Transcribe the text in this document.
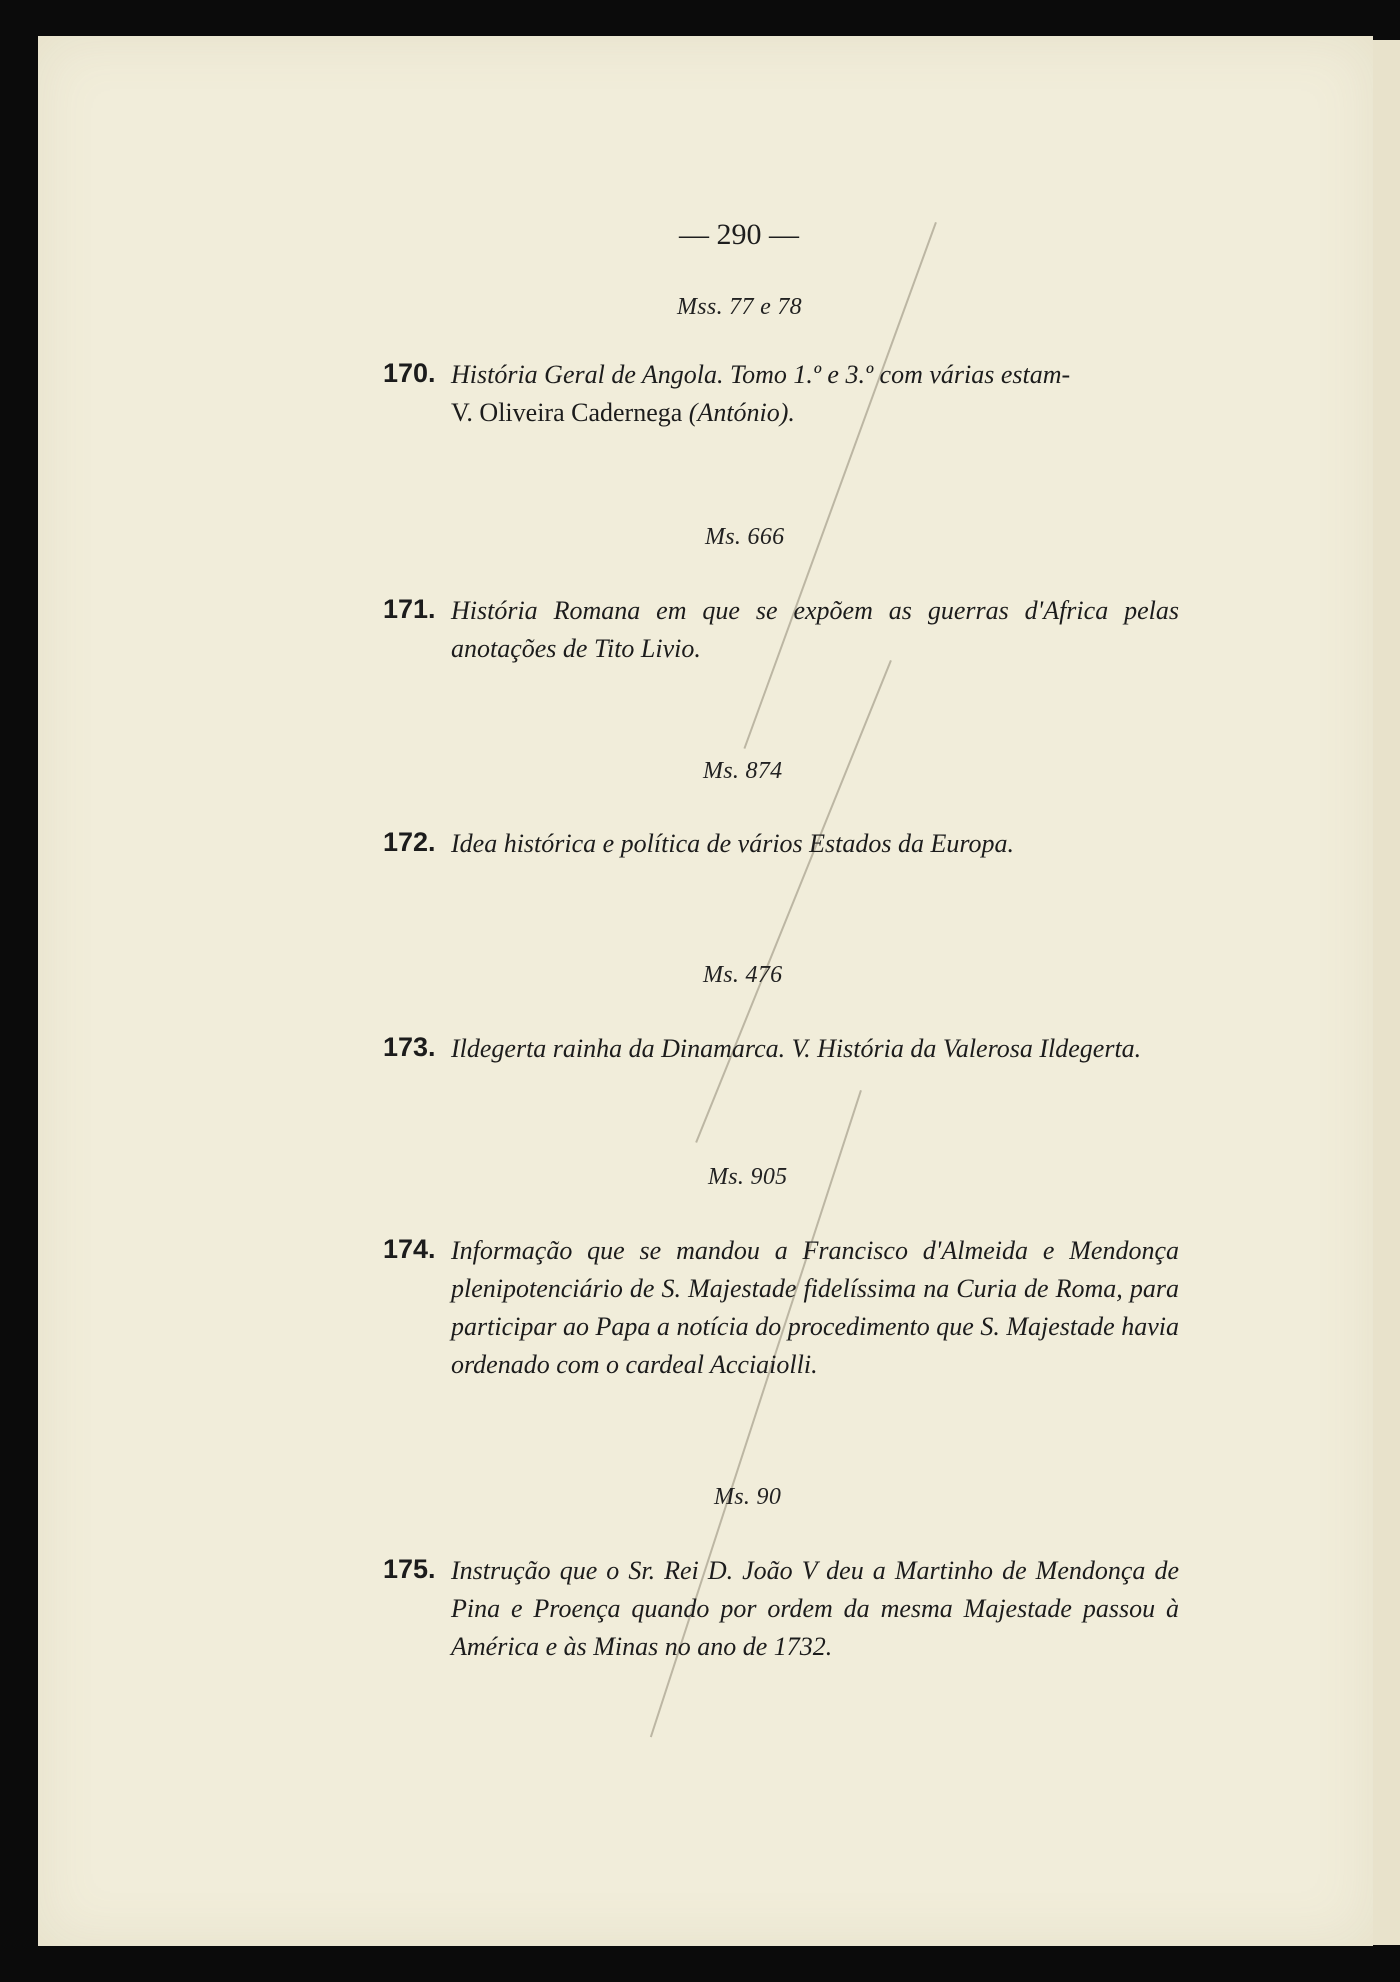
— 290 —
Mss. 77 e 78
170. História Geral de Angola. Tomo 1.º e 3.º com várias estam-
V. Oliveira Cadernega (António).
Ms. 666
171. História Romana em que se expõem as guerras d'Africa pelas anotações de Tito Livio.
Ms. 874
172. Idea histórica e política de vários Estados da Europa.
Ms. 476
173. Ildegerta rainha da Dinamarca. V. História da Valerosa Ildegerta.
Ms. 905
174. Informação que se mandou a Francisco d'Almeida e Mendonça plenipotenciário de S. Majestade fidelíssima na Curia de Roma, para participar ao Papa a notícia do procedimento que S. Majestade havia ordenado com o cardeal Acciaiolli.
Ms. 90
175. Instrução que o Sr. Rei D. João V deu a Martinho de Mendonça de Pina e Proença quando por ordem da mesma Majestade passou à América e às Minas no ano de 1732.
